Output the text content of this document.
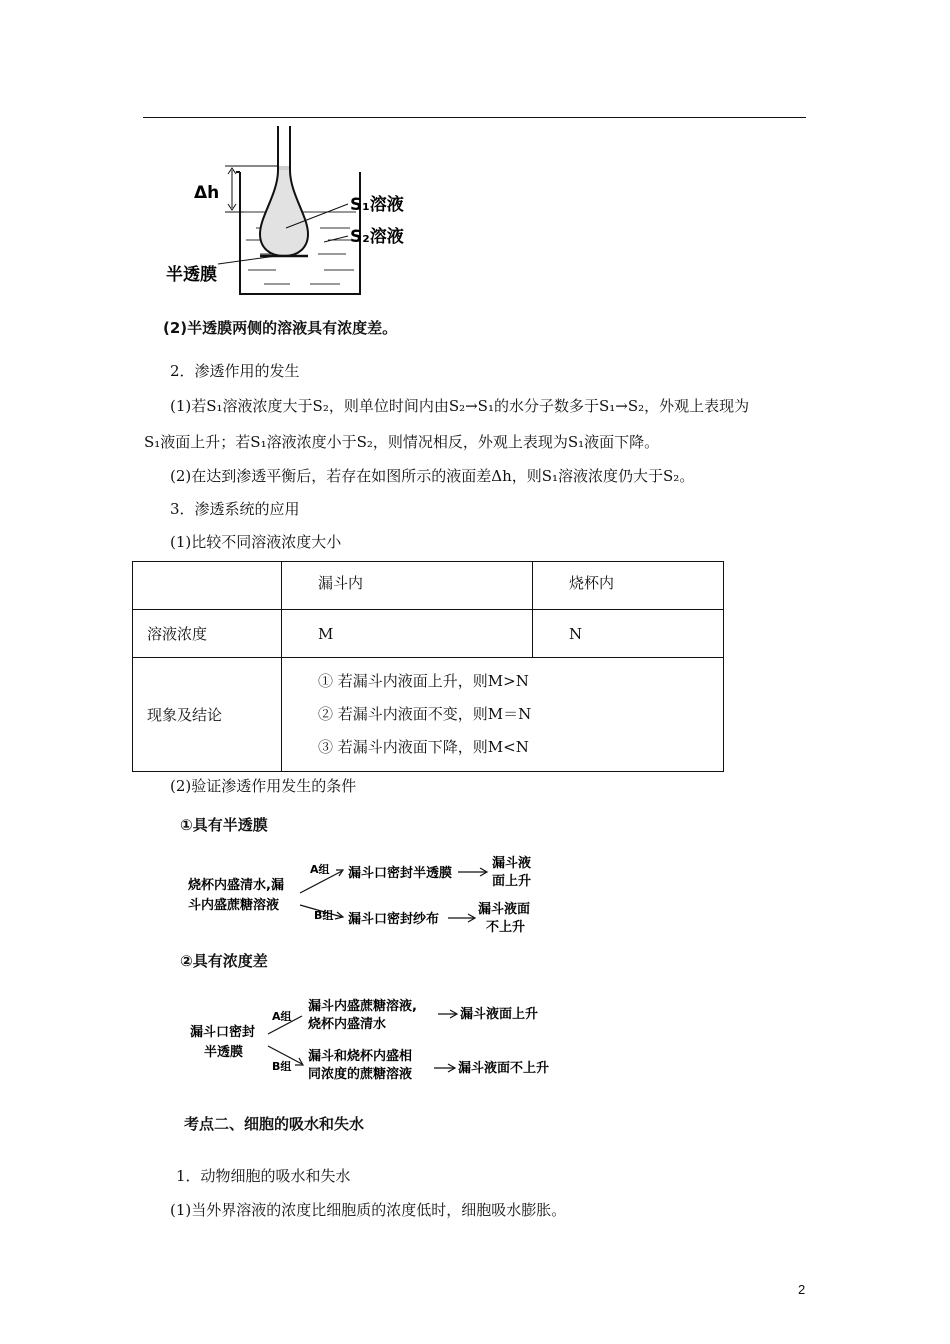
Δh
S₁溶液
S₂溶液
半透膜
(2)半透膜两侧的溶液具有浓度差。
2．渗透作用的发生
(1)若S₁溶液浓度大于S₂，则单位时间内由S₂→S₁的水分子数多于S₁→S₂，外观上表现为
S₁液面上升；若S₁溶液浓度小于S₂，则情况相反，外观上表现为S₁液面下降。
(2)在达到渗透平衡后，若存在如图所示的液面差Δh，则S₁溶液浓度仍大于S₂。
3．渗透系统的应用
(1)比较不同溶液浓度大小
	漏斗内	烧杯内
溶液浓度	M	N
现象及结论	① 若漏斗内液面上升，则M>N
② 若漏斗内液面不变，则M＝N
③ 若漏斗内液面下降，则M<N	
(2)验证渗透作用发生的条件
①具有半透膜
烧杯内盛清水,漏
斗内盛蔗糖溶液
A组
B组
漏斗口密封半透膜
漏斗口密封纱布
漏斗液
面上升
漏斗液面
不上升
②具有浓度差
漏斗口密封
半透膜
A组
B组
漏斗内盛蔗糖溶液,
烧杯内盛清水
漏斗和烧杯内盛相
同浓度的蔗糖溶液
漏斗液面上升
漏斗液面不上升
考点二、细胞的吸水和失水
1．动物细胞的吸水和失水
(1)当外界溶液的浓度比细胞质的浓度低时，细胞吸水膨胀。
2
